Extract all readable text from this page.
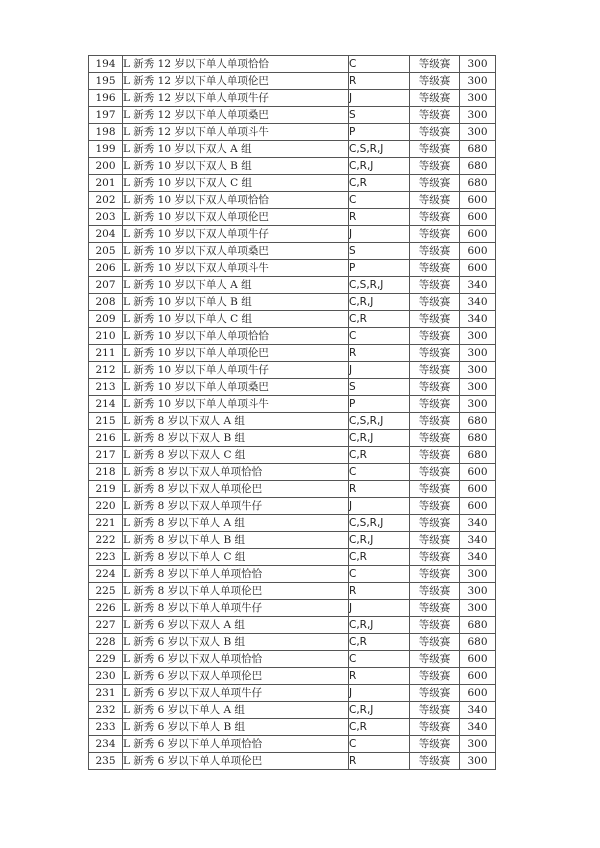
194	L 新秀 12 岁以下单人单项恰恰	C	等级赛	300
195	L 新秀 12 岁以下单人单项伦巴	R	等级赛	300
196	L 新秀 12 岁以下单人单项牛仔	J	等级赛	300
197	L 新秀 12 岁以下单人单项桑巴	S	等级赛	300
198	L 新秀 12 岁以下单人单项斗牛	P	等级赛	300
199	L 新秀 10 岁以下双人 A 组	C,S,R,J	等级赛	680
200	L 新秀 10 岁以下双人 B 组	C,R,J	等级赛	680
201	L 新秀 10 岁以下双人 C 组	C,R	等级赛	680
202	L 新秀 10 岁以下双人单项恰恰	C	等级赛	600
203	L 新秀 10 岁以下双人单项伦巴	R	等级赛	600
204	L 新秀 10 岁以下双人单项牛仔	J	等级赛	600
205	L 新秀 10 岁以下双人单项桑巴	S	等级赛	600
206	L 新秀 10 岁以下双人单项斗牛	P	等级赛	600
207	L 新秀 10 岁以下单人 A 组	C,S,R,J	等级赛	340
208	L 新秀 10 岁以下单人 B 组	C,R,J	等级赛	340
209	L 新秀 10 岁以下单人 C 组	C,R	等级赛	340
210	L 新秀 10 岁以下单人单项恰恰	C	等级赛	300
211	L 新秀 10 岁以下单人单项伦巴	R	等级赛	300
212	L 新秀 10 岁以下单人单项牛仔	J	等级赛	300
213	L 新秀 10 岁以下单人单项桑巴	S	等级赛	300
214	L 新秀 10 岁以下单人单项斗牛	P	等级赛	300
215	L 新秀 8 岁以下双人 A 组	C,S,R,J	等级赛	680
216	L 新秀 8 岁以下双人 B 组	C,R,J	等级赛	680
217	L 新秀 8 岁以下双人 C 组	C,R	等级赛	680
218	L 新秀 8 岁以下双人单项恰恰	C	等级赛	600
219	L 新秀 8 岁以下双人单项伦巴	R	等级赛	600
220	L 新秀 8 岁以下双人单项牛仔	J	等级赛	600
221	L 新秀 8 岁以下单人 A 组	C,S,R,J	等级赛	340
222	L 新秀 8 岁以下单人 B 组	C,R,J	等级赛	340
223	L 新秀 8 岁以下单人 C 组	C,R	等级赛	340
224	L 新秀 8 岁以下单人单项恰恰	C	等级赛	300
225	L 新秀 8 岁以下单人单项伦巴	R	等级赛	300
226	L 新秀 8 岁以下单人单项牛仔	J	等级赛	300
227	L 新秀 6 岁以下双人 A 组	C,R,J	等级赛	680
228	L 新秀 6 岁以下双人 B 组	C,R	等级赛	680
229	L 新秀 6 岁以下双人单项恰恰	C	等级赛	600
230	L 新秀 6 岁以下双人单项伦巴	R	等级赛	600
231	L 新秀 6 岁以下双人单项牛仔	J	等级赛	600
232	L 新秀 6 岁以下单人 A 组	C,R,J	等级赛	340
233	L 新秀 6 岁以下单人 B 组	C,R	等级赛	340
234	L 新秀 6 岁以下单人单项恰恰	C	等级赛	300
235	L 新秀 6 岁以下单人单项伦巴	R	等级赛	300
